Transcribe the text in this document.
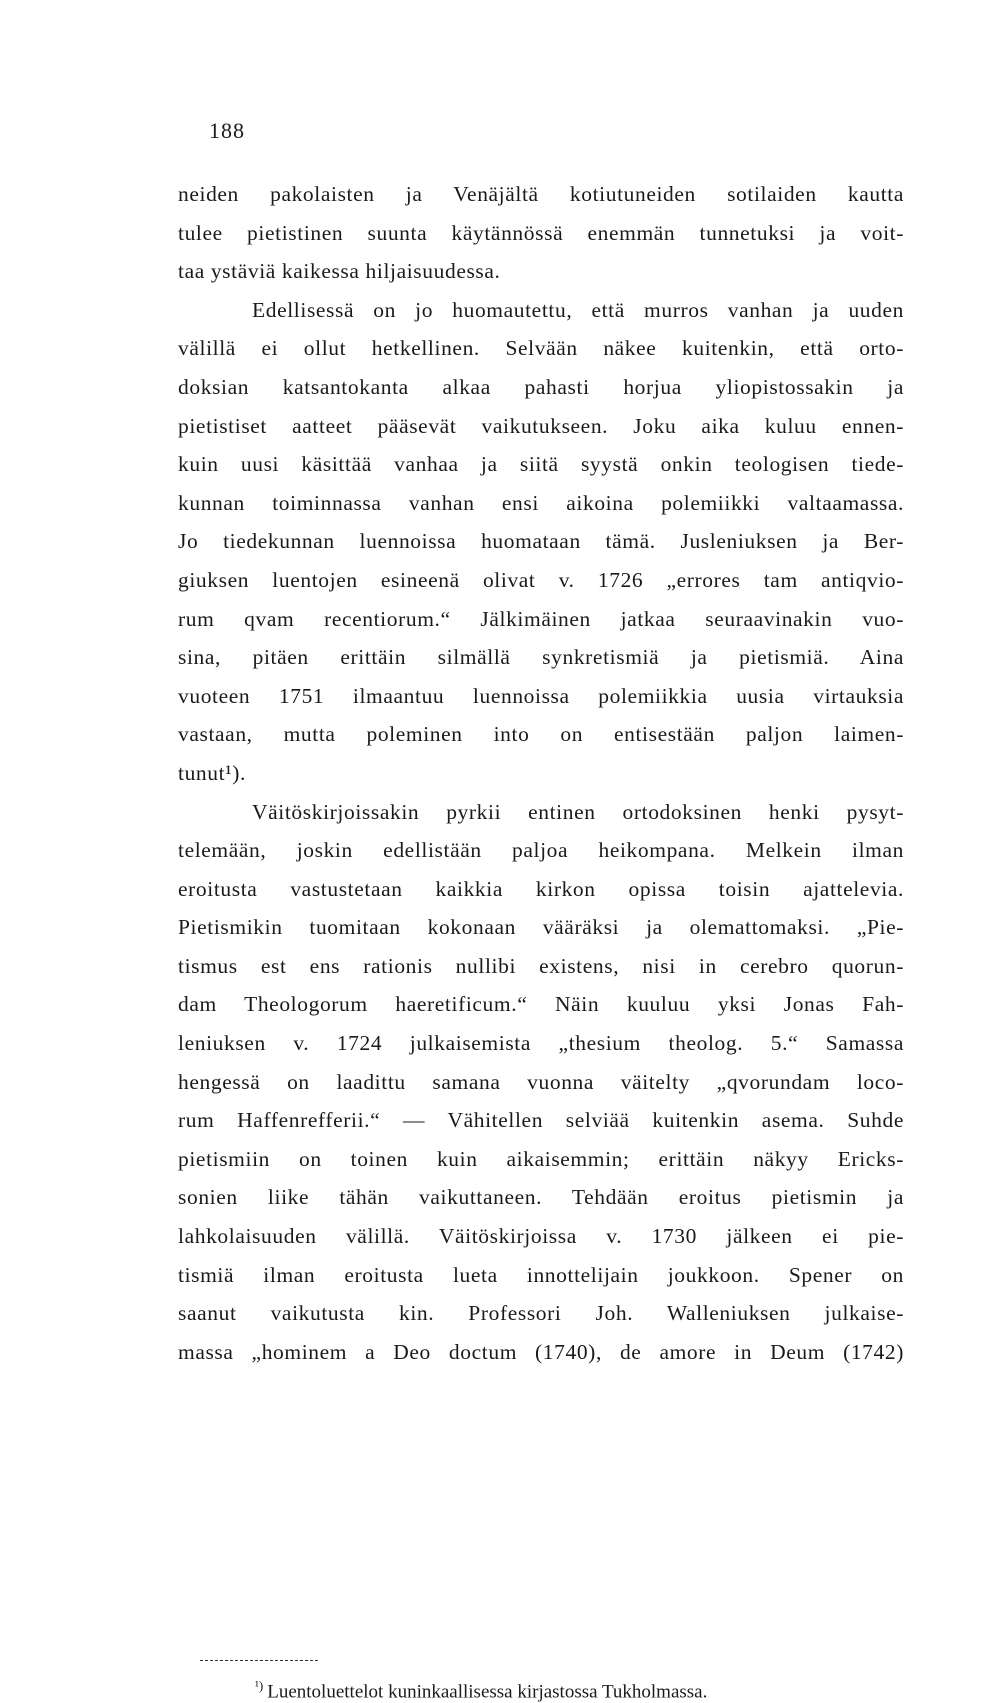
188
neiden pakolaisten ja Venäjältä kotiutuneiden sotilaiden kautta
tulee pietistinen suunta käytännössä enemmän tunnetuksi ja voit-
taa ystäviä kaikessa hiljaisuudessa.
Edellisessä on jo huomautettu, että murros vanhan ja uuden
välillä ei ollut hetkellinen. Selvään näkee kuitenkin, että orto-
doksian katsantokanta alkaa pahasti horjua yliopistossakin ja
pietistiset aatteet pääsevät vaikutukseen. Joku aika kuluu ennen-
kuin uusi käsittää vanhaa ja siitä syystä onkin teologisen tiede-
kunnan toiminnassa vanhan ensi aikoina polemiikki valtaamassa.
Jo tiedekunnan luennoissa huomataan tämä. Jusleniuksen ja Ber-
giuksen luentojen esineenä olivat v. 1726 „errores tam antiqvio-
rum qvam recentiorum.“ Jälkimäinen jatkaa seuraavinakin vuo-
sina, pitäen erittäin silmällä synkretismiä ja pietismiä. Aina
vuoteen 1751 ilmaantuu luennoissa polemiikkia uusia virtauksia
vastaan, mutta poleminen into on entisestään paljon laimen-
tunut¹).
Väitöskirjoissakin pyrkii entinen ortodoksinen henki pysyt-
telemään, joskin edellistään paljoa heikompana. Melkein ilman
eroitusta vastustetaan kaikkia kirkon opissa toisin ajattelevia.
Pietismikin tuomitaan kokonaan vääräksi ja olemattomaksi. „Pie-
tismus est ens rationis nullibi existens, nisi in cerebro quorun-
dam Theologorum haeretificum.“ Näin kuuluu yksi Jonas Fah-
leniuksen v. 1724 julkaisemista „thesium theolog. 5.“ Samassa
hengessä on laadittu samana vuonna väitelty „qvorundam loco-
rum Haffenrefferii.“ — Vähitellen selviää kuitenkin asema. Suhde
pietismiin on toinen kuin aikaisemmin; erittäin näkyy Ericks-
sonien liike tähän vaikuttaneen. Tehdään eroitus pietismin ja
lahkolaisuuden välillä. Väitöskirjoissa v. 1730 jälkeen ei pie-
tismiä ilman eroitusta lueta innottelijain joukkoon. Spener on
saanut vaikutusta kin. Professori Joh. Walleniuksen julkaise-
massa „hominem a Deo doctum (1740), de amore in Deum (1742)
$^{^1)}$ Luentoluettelot kuninkaallisessa kirjastossa Tukholmassa.
